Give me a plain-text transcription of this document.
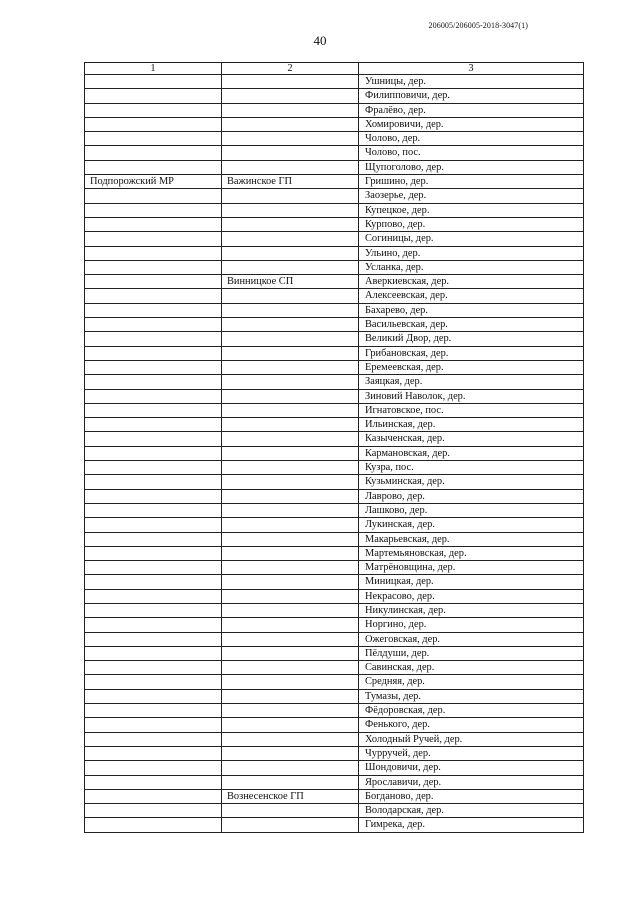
206005/206005-2018-3047(1)
40
1	2	3
		Ушницы, дер.
		Филипповичи, дер.
		Фралёво, дер.
		Хомировичи, дер.
		Чолово, дер.
		Чолово, пос.
		Щупоголово, дер.
Подпорожский МР	Важинское ГП	Гришино, дер.
		Заозерье, дер.
		Купецкое, дер.
		Курпово, дер.
		Согиницы, дер.
		Ульино, дер.
		Усланка, дер.
	Винницкое СП	Аверкиевская, дер.
		Алексеевская, дер.
		Бахарево, дер.
		Васильевская, дер.
		Великий Двор, дер.
		Грибановская, дер.
		Еремеевская, дер.
		Заяцкая, дер.
		Зиновий Наволок, дер.
		Игнатовское, пос.
		Ильинская, дер.
		Казыченская, дер.
		Кармановская, дер.
		Кузра, пос.
		Кузьминская, дер.
		Лаврово, дер.
		Лашково, дер.
		Лукинская, дер.
		Макарьевская, дер.
		Мартемьяновская, дер.
		Матрёновщина, дер.
		Миницкая, дер.
		Некрасово, дер.
		Никулинская, дер.
		Норгино, дер.
		Ожеговская, дер.
		Пёлдуши, дер.
		Савинская, дер.
		Средняя, дер.
		Тумазы, дер.
		Фёдоровская, дер.
		Фенького, дер.
		Холодный Ручей, дер.
		Чурручей, дер.
		Шондовичи, дер.
		Ярославичи, дер.
	Вознесенское ГП	Богданово, дер.
		Володарская, дер.
		Гимрека, дер.
